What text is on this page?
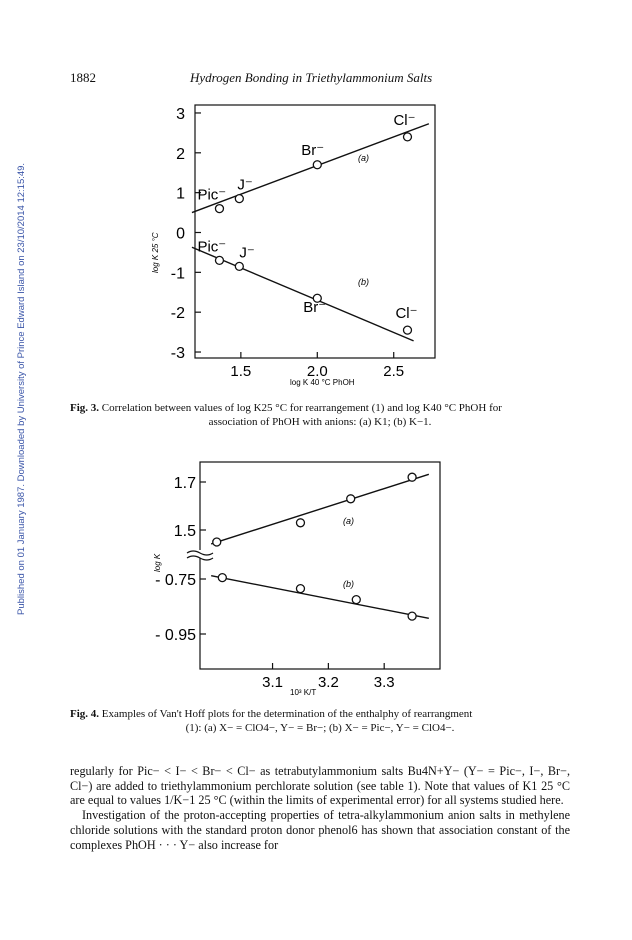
Published on 01 January 1987. Downloaded by University of Prince Edward Island on 23/10/2014 12:15:49.
1882	Hydrogen Bonding in Triethylammonium Salts
3
2
1
0
-1
-2
-3
1.5	2.0	2.5
Pic⁻
J⁻
Br⁻
Cl⁻
Pic⁻ J⁻
Br⁻	Cl⁻
(a)
(b)
log K 25 °C
log K 40 °C PhOH
Fig. 3. Correlation between values of log K25 °C for rearrangement (1) and log K40 °C PhOH for
association of PhOH with anions: (a) K1; (b) K−1.
1.7
1.5
- 0.75
- 0.95
3.1 3.2 3.3
(a)
(b)
log K
10³ K/T
Fig. 4. Examples of Van't Hoff plots for the determination of the enthalphy of rearrangment
(1): (a) X− = ClO4−, Y− = Br−; (b) X− = Pic−, Y− = ClO4−.

regularly for Pic− < I− < Br− < Cl− as tetrabutylammonium salts Bu4N+Y− (Y− = Pic−, I−, Br−, Cl−) are added to triethylammonium perchlorate solution (see table 1). Note that values of K1 25 °C are equal to values 1/K−1 25 °C (within the limits of experimental error) for all systems studied here.

Investigation of the proton-accepting properties of tetra-alkylammonium anion salts in methylene chloride solutions with the standard proton donor phenol6 has shown that association constant of the complexes PhOH · · · Y− also increase for
